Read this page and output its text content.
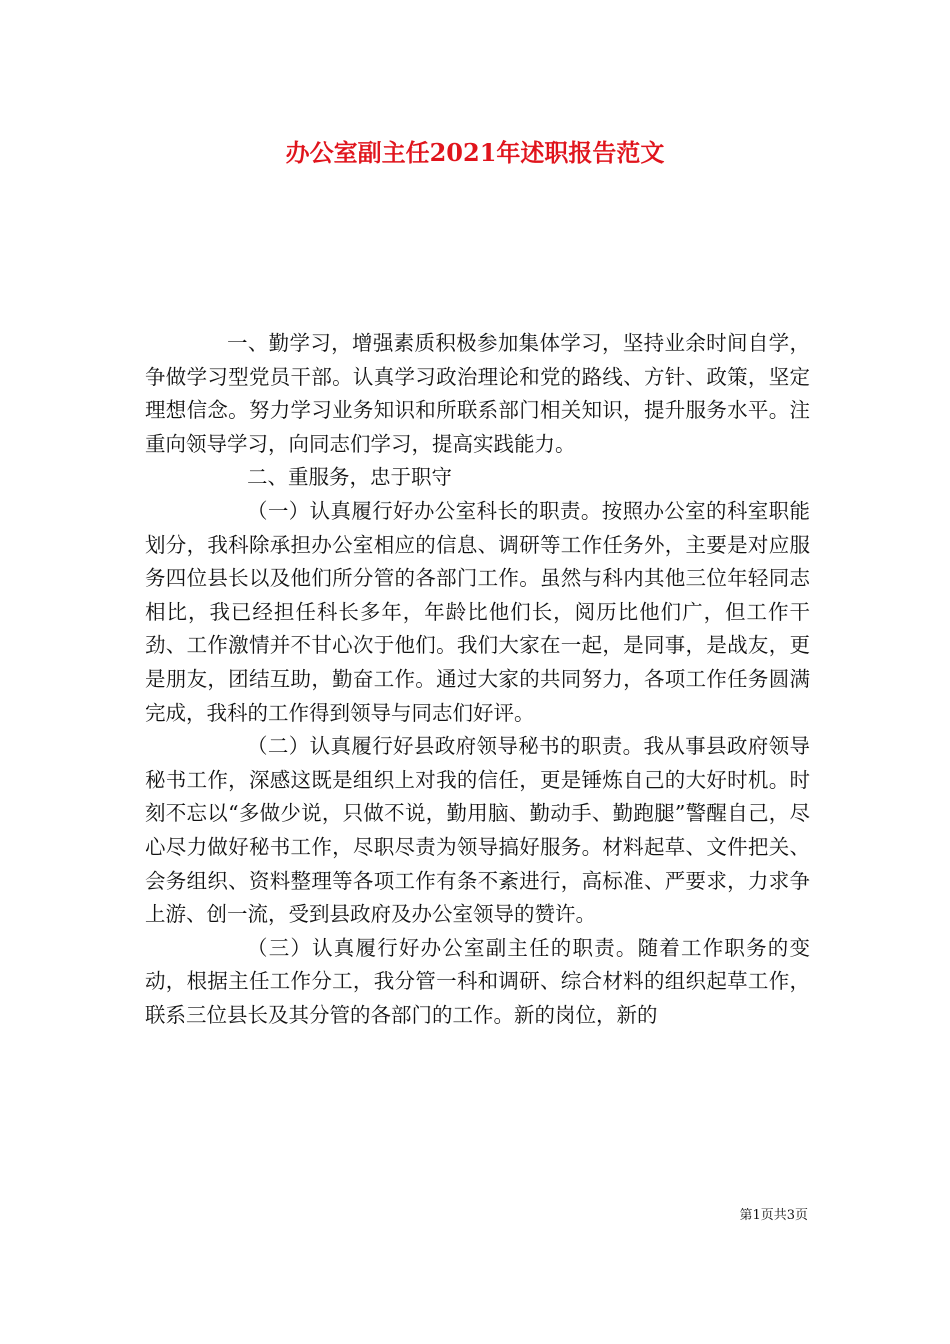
办公室副主任2021年述职报告范文

一、勤学习，增强素质积极参加集体学习，坚持业余时间自学，争做学习型党员干部。认真学习政治理论和党的路线、方针、政策，坚定理想信念。努力学习业务知识和所联系部门相关知识，提升服务水平。注重向领导学习，向同志们学习，提高实践能力。

二、重服务，忠于职守

（一）认真履行好办公室科长的职责。按照办公室的科室职能划分，我科除承担办公室相应的信息、调研等工作任务外，主要是对应服务四位县长以及他们所分管的各部门工作。虽然与科内其他三位年轻同志相比，我已经担任科长多年，年龄比他们长，阅历比他们广，但工作干劲、工作激情并不甘心次于他们。我们大家在一起，是同事，是战友，更是朋友，团结互助，勤奋工作。通过大家的共同努力，各项工作任务圆满完成，我科的工作得到领导与同志们好评。

（二）认真履行好县政府领导秘书的职责。我从事县政府领导秘书工作，深感这既是组织上对我的信任，更是锤炼自己的大好时机。时刻不忘以“多做少说，只做不说，勤用脑、勤动手、勤跑腿”警醒自己，尽心尽力做好秘书工作，尽职尽责为领导搞好服务。材料起草、文件把关、会务组织、资料整理等各项工作有条不紊进行，高标准、严要求，力求争上游、创一流，受到县政府及办公室领导的赞许。

（三）认真履行好办公室副主任的职责。随着工作职务的变动，根据主任工作分工，我分管一科和调研、综合材料的组织起草工作，联系三位县长及其分管的各部门的工作。新的岗位，新的

第1页共3页
